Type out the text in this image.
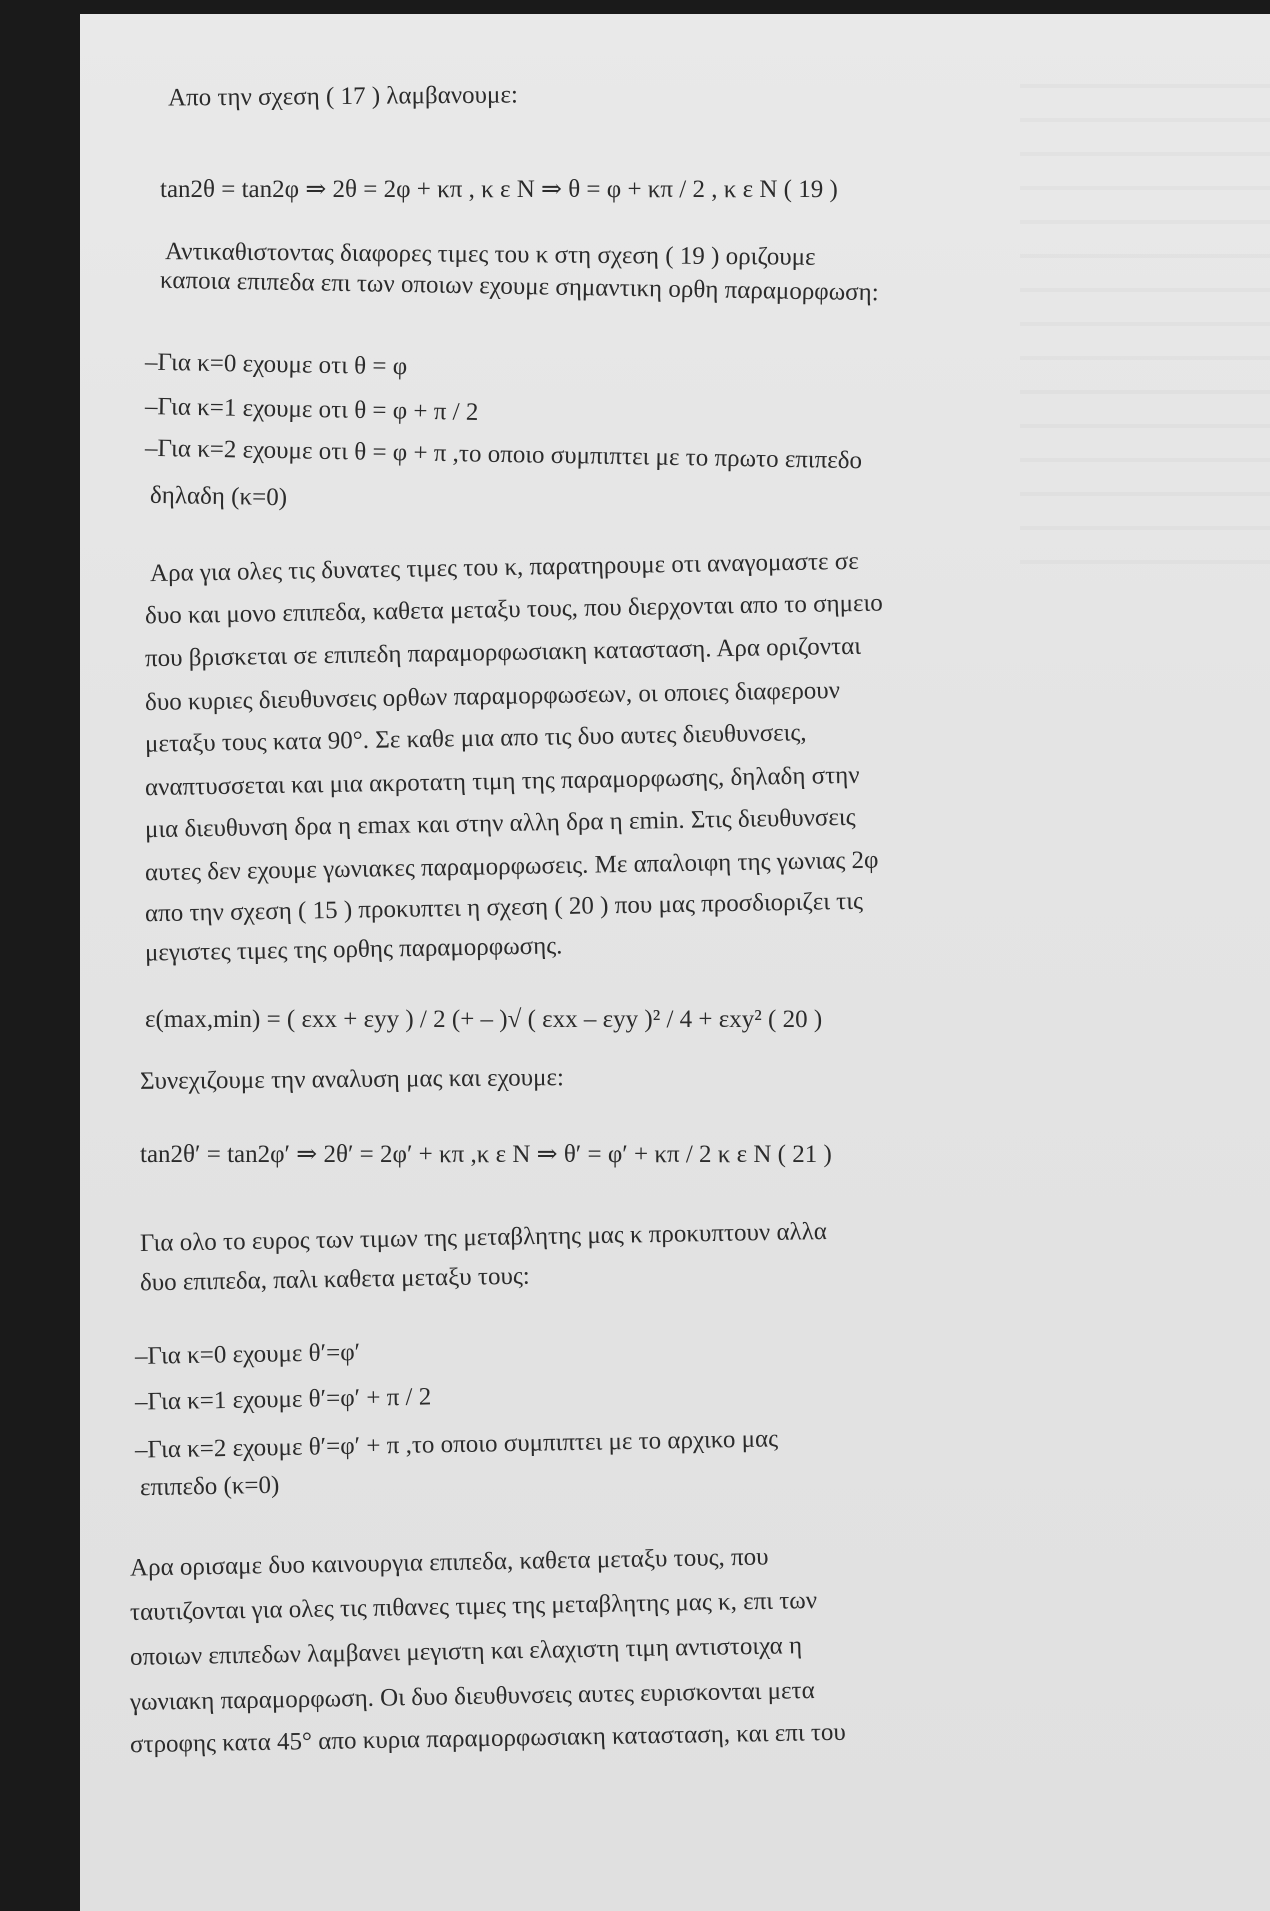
Απο την σχεση ( 17 ) λαμβανουμε:

tan2θ = tan2φ ⇒ 2θ = 2φ + κπ , κ ε N ⇒ θ = φ + κπ / 2 , κ ε N ( 19 )

Αντικαθιστοντας διαφορες τιμες του κ στη σχεση ( 19 ) οριζουμε

καποια επιπεδα επι των οποιων εχουμε σημαντικη ορθη παραμορφωση:

–Για κ=0 εχουμε οτι θ = φ

–Για κ=1 εχουμε οτι θ = φ + π / 2

–Για κ=2 εχουμε οτι θ = φ + π ,το οποιο συμπιπτει με το πρωτο επιπεδο

δηλαδη (κ=0)

Αρα για ολες τις δυνατες τιμες του κ, παρατηρουμε οτι αναγομαστε σε

δυο και μονο επιπεδα, καθετα μεταξυ τους, που διερχονται απο το σημειο

που βρισκεται σε επιπεδη παραμορφωσιακη κατασταση. Αρα οριζονται

δυο κυριες διευθυνσεις ορθων παραμορφωσεων, οι οποιες διαφερουν

μεταξυ τους κατα 90°. Σε καθε μια απο τις δυο αυτες διευθυνσεις,

αναπτυσσεται και μια ακροτατη τιμη της παραμορφωσης, δηλαδη στην

μια διευθυνση δρα η εmax και στην αλλη δρα η εmin. Στις διευθυνσεις

αυτες δεν εχουμε γωνιακες παραμορφωσεις. Με απαλοιφη της γωνιας 2φ

απο την σχεση ( 15 ) προκυπτει η σχεση ( 20 ) που μας προσδιοριζει τις

μεγιστες τιμες της ορθης παραμορφωσης.

ε(max,min) = ( εxx + εyy ) / 2 (+ – )√ ( εxx – εyy )² / 4 + εxy² ( 20 )

Συνεχιζουμε την αναλυση μας και εχουμε:

tan2θ′ = tan2φ′ ⇒ 2θ′ = 2φ′ + κπ ,κ ε N ⇒ θ′ = φ′ + κπ / 2 κ ε N ( 21 )

Για ολο το ευρος των τιμων της μεταβλητης μας κ προκυπτουν αλλα

δυο επιπεδα, παλι καθετα μεταξυ τους:

–Για κ=0 εχουμε θ′=φ′

–Για κ=1 εχουμε θ′=φ′ + π / 2

–Για κ=2 εχουμε θ′=φ′ + π ,το οποιο συμπιπτει με το αρχικο μας

επιπεδο (κ=0)

Αρα ορισαμε δυο καινουργια επιπεδα, καθετα μεταξυ τους, που

ταυτιζονται για ολες τις πιθανες τιμες της μεταβλητης μας κ, επι των

οποιων επιπεδων λαμβανει μεγιστη και ελαχιστη τιμη αντιστοιχα η

γωνιακη παραμορφωση. Οι δυο διευθυνσεις αυτες ευρισκονται μετα

στροφης κατα 45° απο κυρια παραμορφωσιακη κατασταση, και επι του
